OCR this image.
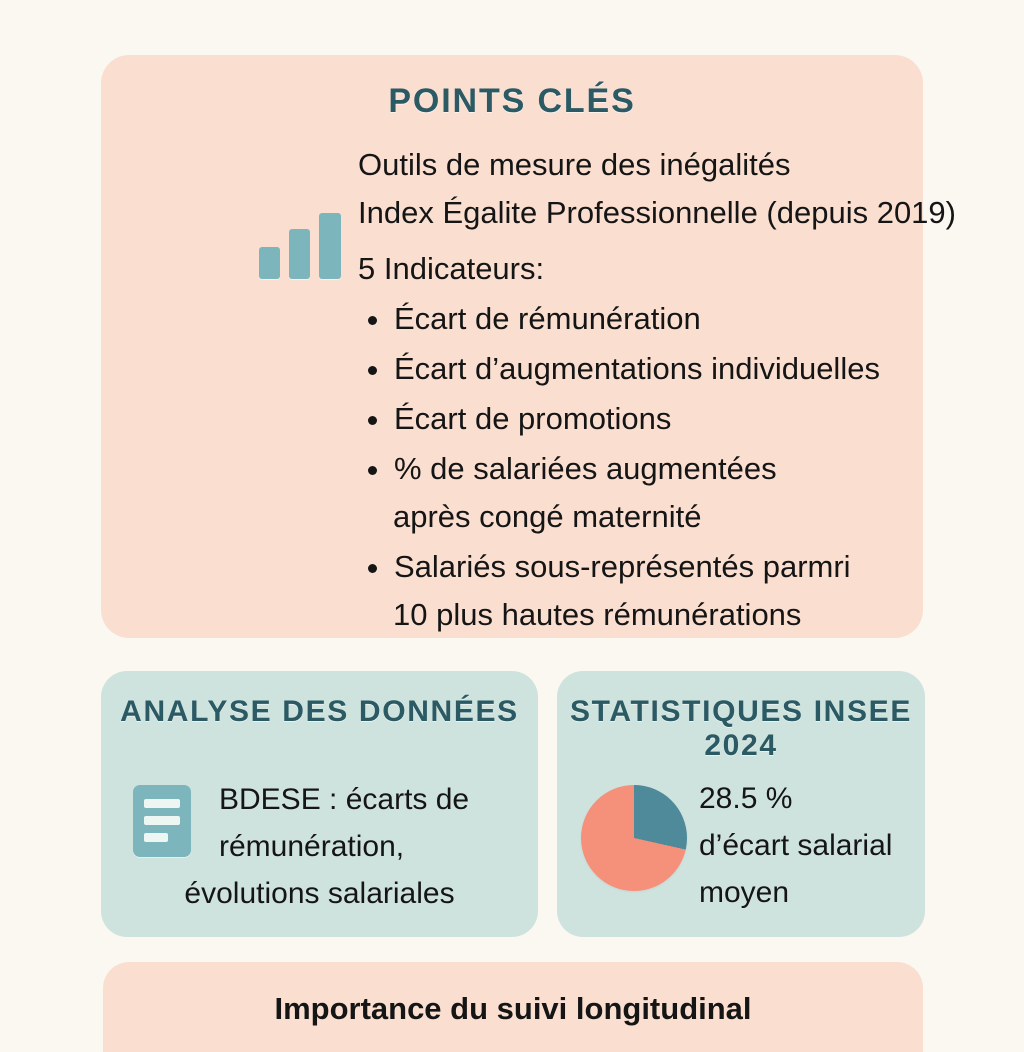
POINTS CLÉS
Outils de mesure des inégalités
Index Égalite Professionnelle (depuis 2019)
5 Indicateurs:
Écart de rémunération
Écart d’augmentations individuelles
Écart de promotions
% de salariées augmentées
après congé maternité
Salariés sous-représentés parmri
10 plus hautes rémunérations
ANALYSE DES DONNÉES
BDESE : écarts de
rémunération,
évolutions salariales
STATISTIQUES INSEE 2024
28.5 %
d’écart salarial
moyen
Importance du suivi longitudinal
